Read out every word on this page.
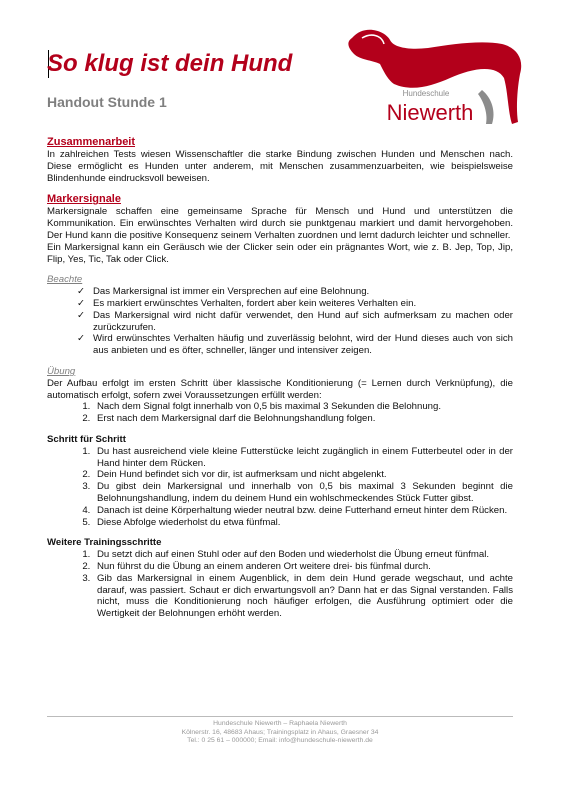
So klug ist dein Hund
Handout Stunde 1
Hundeschule
Niewerth
Zusammenarbeit

In zahlreichen Tests wiesen Wissenschaftler die starke Bindung zwischen Hunden und Menschen nach. Diese ermöglicht es Hunden unter anderem, mit Menschen zusammenzuarbeiten, wie beispielsweise Blindenhunde eindrucksvoll beweisen.

Markersignale

Markersignale schaffen eine gemeinsame Sprache für Mensch und Hund und unterstützen die Kommunikation. Ein erwünschtes Verhalten wird durch sie punktgenau markiert und damit hervorgehoben. Der Hund kann die positive Konsequenz seinem Verhalten zuordnen und lernt dadurch leichter und schneller.

Ein Markersignal kann ein Geräusch wie der Clicker sein oder ein prägnantes Wort, wie z. B. Jep, Top, Jip, Flip, Yes, Tic, Tak oder Click.

Beachte
✓ Das Markersignal ist immer ein Versprechen auf eine Belohnung.
✓ Es markiert erwünschtes Verhalten, fordert aber kein weiteres Verhalten ein.
✓ Das Markersignal wird nicht dafür verwendet, den Hund auf sich aufmerksam zu machen oder zurückzurufen.
✓ Wird erwünschtes Verhalten häufig und zuverlässig belohnt, wird der Hund dieses auch von sich aus anbieten und es öfter, schneller, länger und intensiver zeigen.
Übung

Der Aufbau erfolgt im ersten Schritt über klassische Konditionierung (= Lernen durch Verknüpfung), die automatisch erfolgt, sofern zwei Voraussetzungen erfüllt werden:

1. Nach dem Signal folgt innerhalb von 0,5 bis maximal 3 Sekunden die Belohnung.
2. Erst nach dem Markersignal darf die Belohnungshandlung folgen.
Schritt für Schritt
1. Du hast ausreichend viele kleine Futterstücke leicht zugänglich in einem Futterbeutel oder in der Hand hinter dem Rücken.
2. Dein Hund befindet sich vor dir, ist aufmerksam und nicht abgelenkt.
3. Du gibst dein Markersignal und innerhalb von 0,5 bis maximal 3 Sekunden beginnt die Belohnungshandlung, indem du deinem Hund ein wohlschmeckendes Stück Futter gibst.
4. Danach ist deine Körperhaltung wieder neutral bzw. deine Futterhand erneut hinter dem Rücken.
5. Diese Abfolge wiederholst du etwa fünfmal.
Weitere Trainingsschritte
1. Du setzt dich auf einen Stuhl oder auf den Boden und wiederholst die Übung erneut fünfmal.
2. Nun führst du die Übung an einem anderen Ort weitere drei- bis fünfmal durch.
3. Gib das Markersignal in einem Augenblick, in dem dein Hund gerade wegschaut, und achte darauf, was passiert. Schaut er dich erwartungsvoll an? Dann hat er das Signal verstanden. Falls nicht, muss die Konditionierung noch häufiger erfolgen, die Ausführung optimiert oder die Wertigkeit der Belohnungen erhöht werden.
Hundeschule Niewerth – Raphaela Niewerth
Kölnerstr. 16, 48683 Ahaus; Trainingsplatz in Ahaus, Graesner 34
Tel.: 0 25 61 – 000000; Email: info@hundeschule-niewerth.de
